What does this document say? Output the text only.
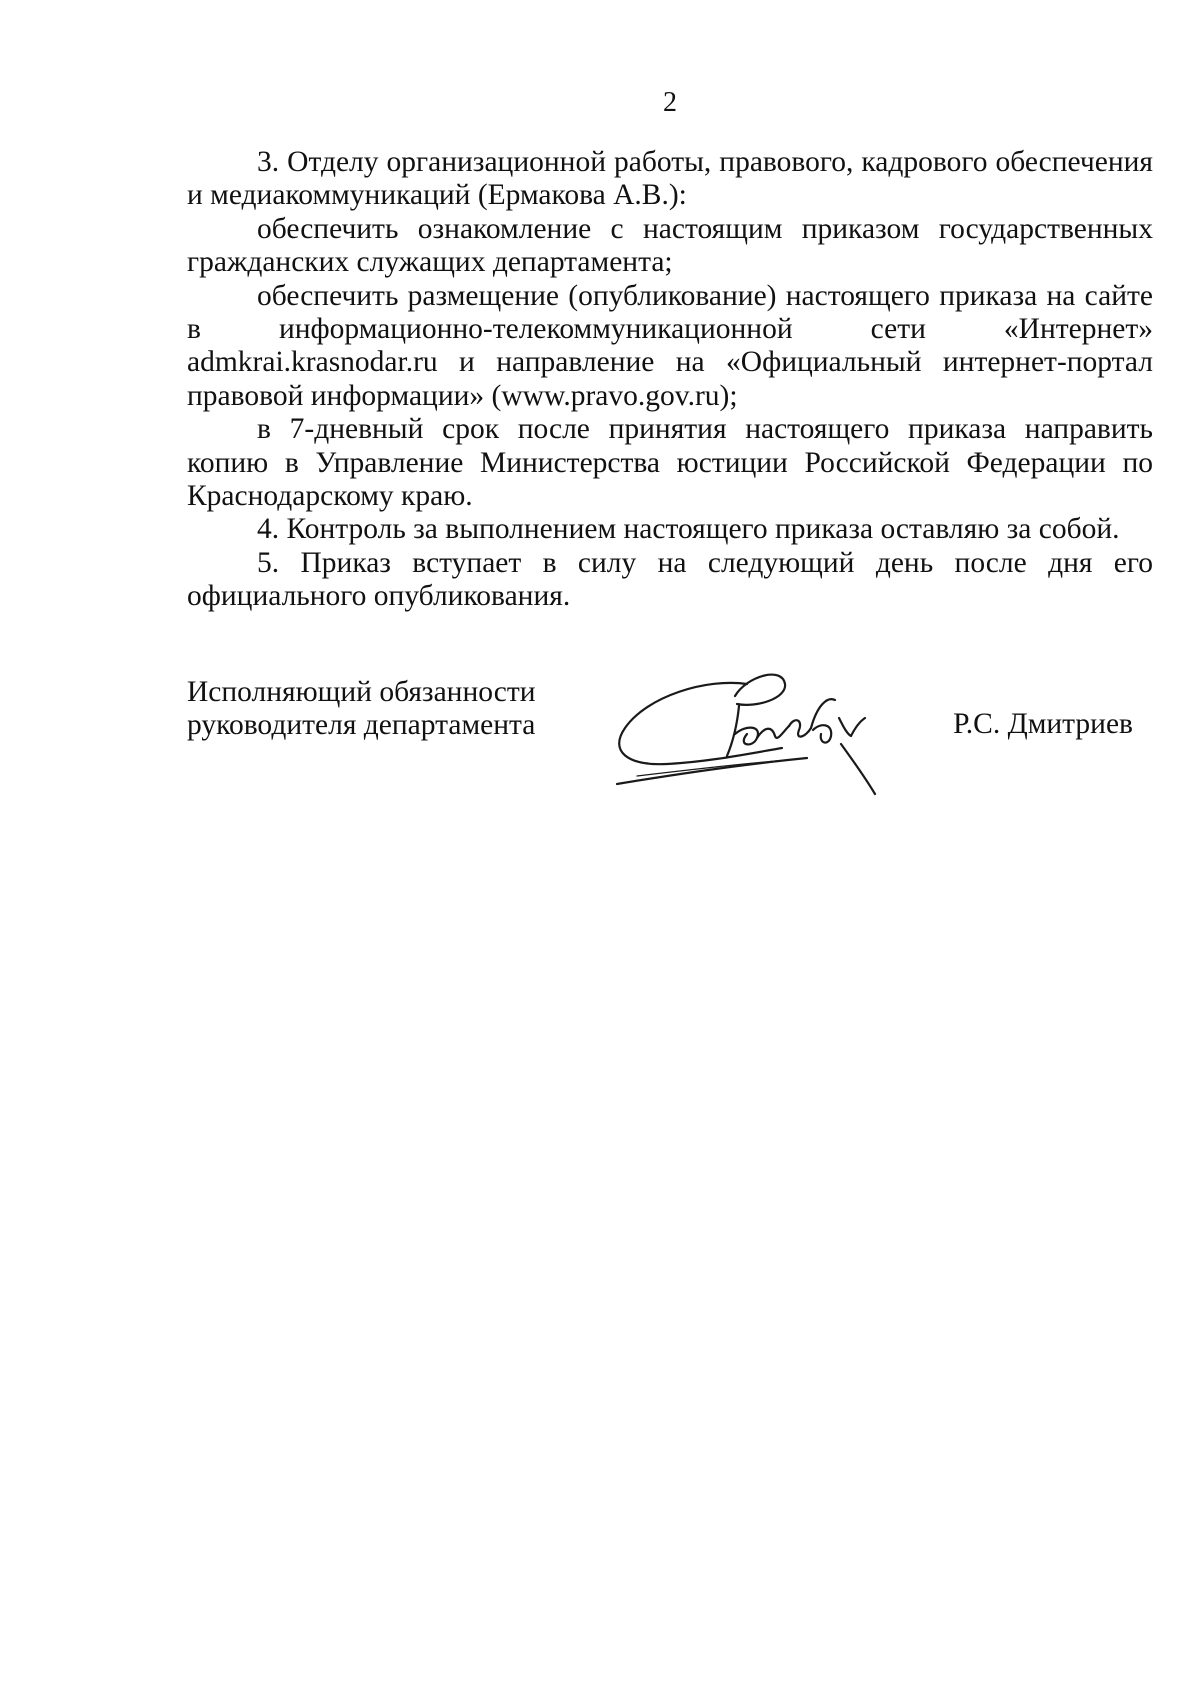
2

3. Отделу организационной работы, правового, кадрового обеспечения и медиакоммуникаций (Ермакова А.В.):

обеспечить ознакомление с настоящим приказом государственных гражданских служащих департамента;

обеспечить размещение (опубликование) настоящего приказа на сайте в информационно-телекоммуникационной сети «Интернет» admkrai.krasnodar.ru и направление на «Официальный интернет-портал правовой информации» (www.pravo.gov.ru);

в 7-дневный срок после принятия настоящего приказа направить копию в Управление Министерства юстиции Российской Федерации по Краснодарскому краю.

4. Контроль за выполнением настоящего приказа оставляю за собой.

5. Приказ вступает в силу на следующий день после дня его официального опубликования.

Исполняющий обязанности
руководителя департамента	Р.С. Дмитриев
